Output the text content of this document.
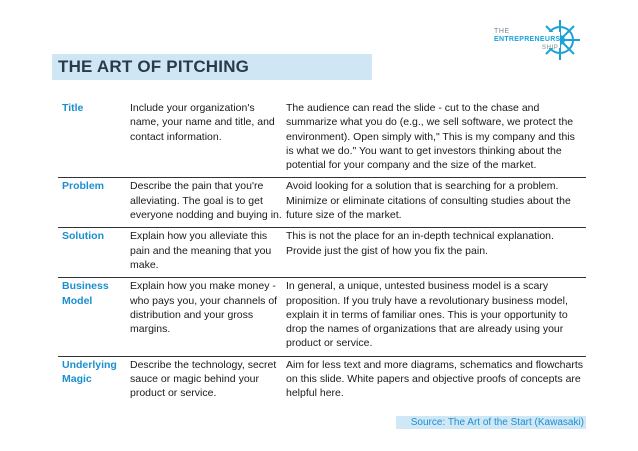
THE ART OF PITCHING
THE
ENTREPRENEURS
SHIP
Title	Include your organization's name, your name and title, and contact information.	The audience can read the slide - cut to the chase and summarize what you do (e.g., we sell software, we protect the environment). Open simply with," This is my company and this is what we do." You want to get investors thinking about the potential for your company and the size of the market.
Problem	Describe the pain that you're alleviating. The goal is to get everyone nodding and buying in.	Avoid looking for a solution that is searching for a problem. Minimize or eliminate citations of consulting studies about the future size of the market.
Solution	Explain how you alleviate this pain and the meaning that you make.	This is not the place for an in-depth technical explanation. Provide just the gist of how you fix the pain.
Business Model	Explain how you make money - who pays you, your channels of distribution and your gross margins.	In general, a unique, untested business model is a scary proposition. If you truly have a revolutionary business model, explain it in terms of familiar ones. This is your opportunity to drop the names of organizations that are already using your product or service.
Underlying Magic	Describe the technology, secret sauce or magic behind your product or service.	Aim for less text and more diagrams, schematics and flowcharts on this slide. White papers and objective proofs of concepts are helpful here.
Source: The Art of the Start (Kawasaki)
